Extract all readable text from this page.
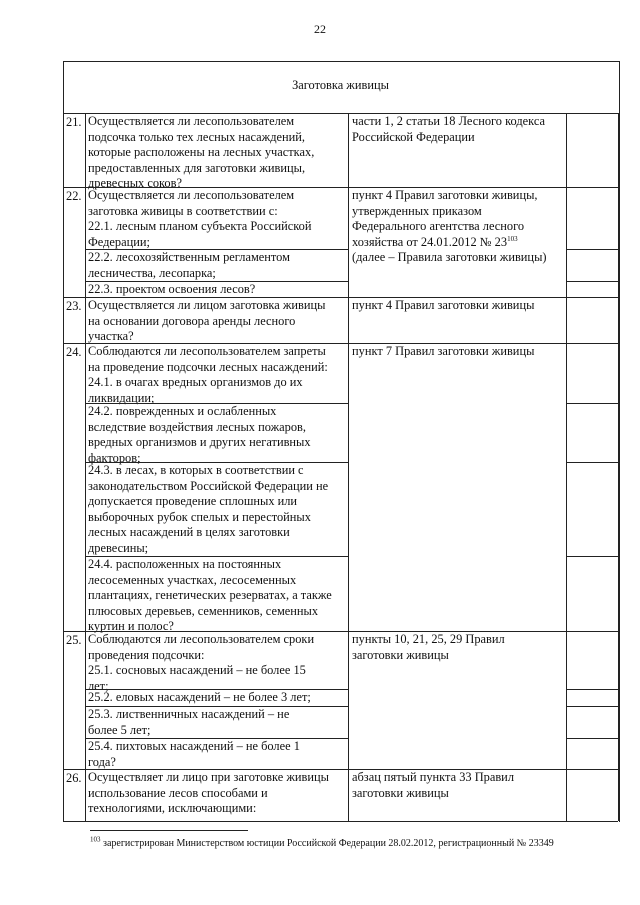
22
Заготовка живицы
21. Осуществляется ли лесопользователем
подсочка только тех лесных насаждений,
которые расположены на лесных участках,
предоставленных для заготовки живицы,
древесных соков?
части 1, 2 статьи 18 Лесного кодекса
Российской Федерации
22. Осуществляется ли лесопользователем
заготовка живицы в соответствии с:
22.1. лесным планом субъекта Российской
Федерации;
22.2. лесохозяйственным регламентом
лесничества, лесопарка;
22.3. проектом освоения лесов?
пункт 4 Правил заготовки живицы,
утвержденных приказом
Федерального агентства лесного
хозяйства от 24.01.2012 № $23^{103}$
(далее – Правила заготовки живицы)
23. Осуществляется ли лицом заготовка живицы
на основании договора аренды лесного
участка?
пункт 4 Правил заготовки живицы
24. Соблюдаются ли лесопользователем запреты
на проведение подсочки лесных насаждений:
24.1. в очагах вредных организмов до их
ликвидации;
24.2. поврежденных и ослабленных
вследствие воздействия лесных пожаров,
вредных организмов и других негативных
факторов;
24.3. в лесах, в которых в соответствии с
законодательством Российской Федерации не
допускается проведение сплошных или
выборочных рубок спелых и перестойных
лесных насаждений в целях заготовки
древесины;
24.4. расположенных на постоянных
лесосеменных участках, лесосеменных
плантациях, генетических резерватах, а также
плюсовых деревьев, семенников, семенных
куртин и полос?
пункт 7 Правил заготовки живицы
25. Соблюдаются ли лесопользователем сроки
проведения подсочки:
25.1. сосновых насаждений – не более 15
лет;
25.2. еловых насаждений – не более 3 лет;
25.3. лиственничных насаждений – не
более 5 лет;
25.4. пихтовых насаждений – не более 1
года?
пункты 10, 21, 25, 29 Правил
заготовки живицы
26. Осуществляет ли лицо при заготовке живицы
использование лесов способами и
технологиями, исключающими:
абзац пятый пункта 33 Правил
заготовки живицы
$^{103}$ зарегистрирован Министерством юстиции Российской Федерации 28.02.2012, регистрационный № 23349
